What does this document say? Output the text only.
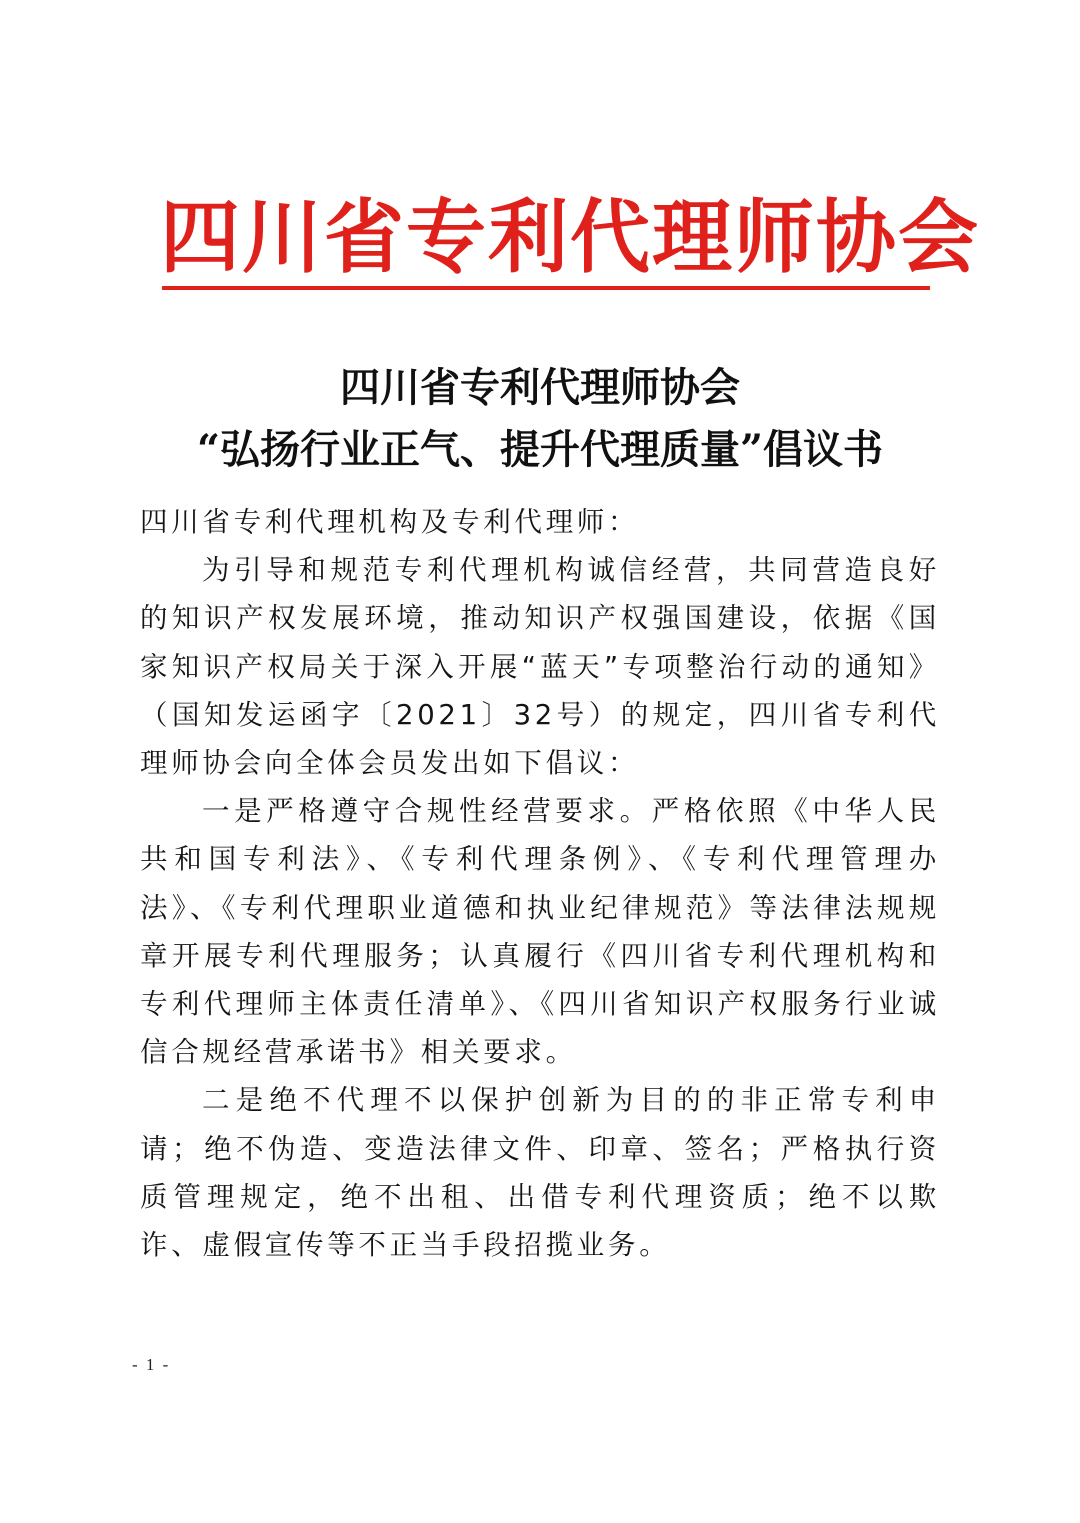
四川省专利代理师协会
四川省专利代理师协会
“弘扬行业正气、提升代理质量”倡议书

四川省专利代理机构及专利代理师：

为引导和规范专利代理机构诚信经营，共同营造良好的知识产权发展环境，推动知识产权强国建设，依据《国家知识产权局关于深入开展“蓝天”专项整治行动的通知》（国知发运函字〔2021〕32号）的规定，四川省专利代理师协会向全体会员发出如下倡议：

一是严格遵守合规性经营要求。严格依照《中华人民共和国专利法》、《专利代理条例》、《专利代理管理办法》、《专利代理职业道德和执业纪律规范》等法律法规规章开展专利代理服务；认真履行《四川省专利代理机构和专利代理师主体责任清单》、《四川省知识产权服务行业诚信合规经营承诺书》相关要求。

二是绝不代理不以保护创新为目的的非正常专利申请；绝不伪造、变造法律文件、印章、签名；严格执行资质管理规定，绝不出租、出借专利代理资质；绝不以欺诈、虚假宣传等不正当手段招揽业务。

- 1 -
